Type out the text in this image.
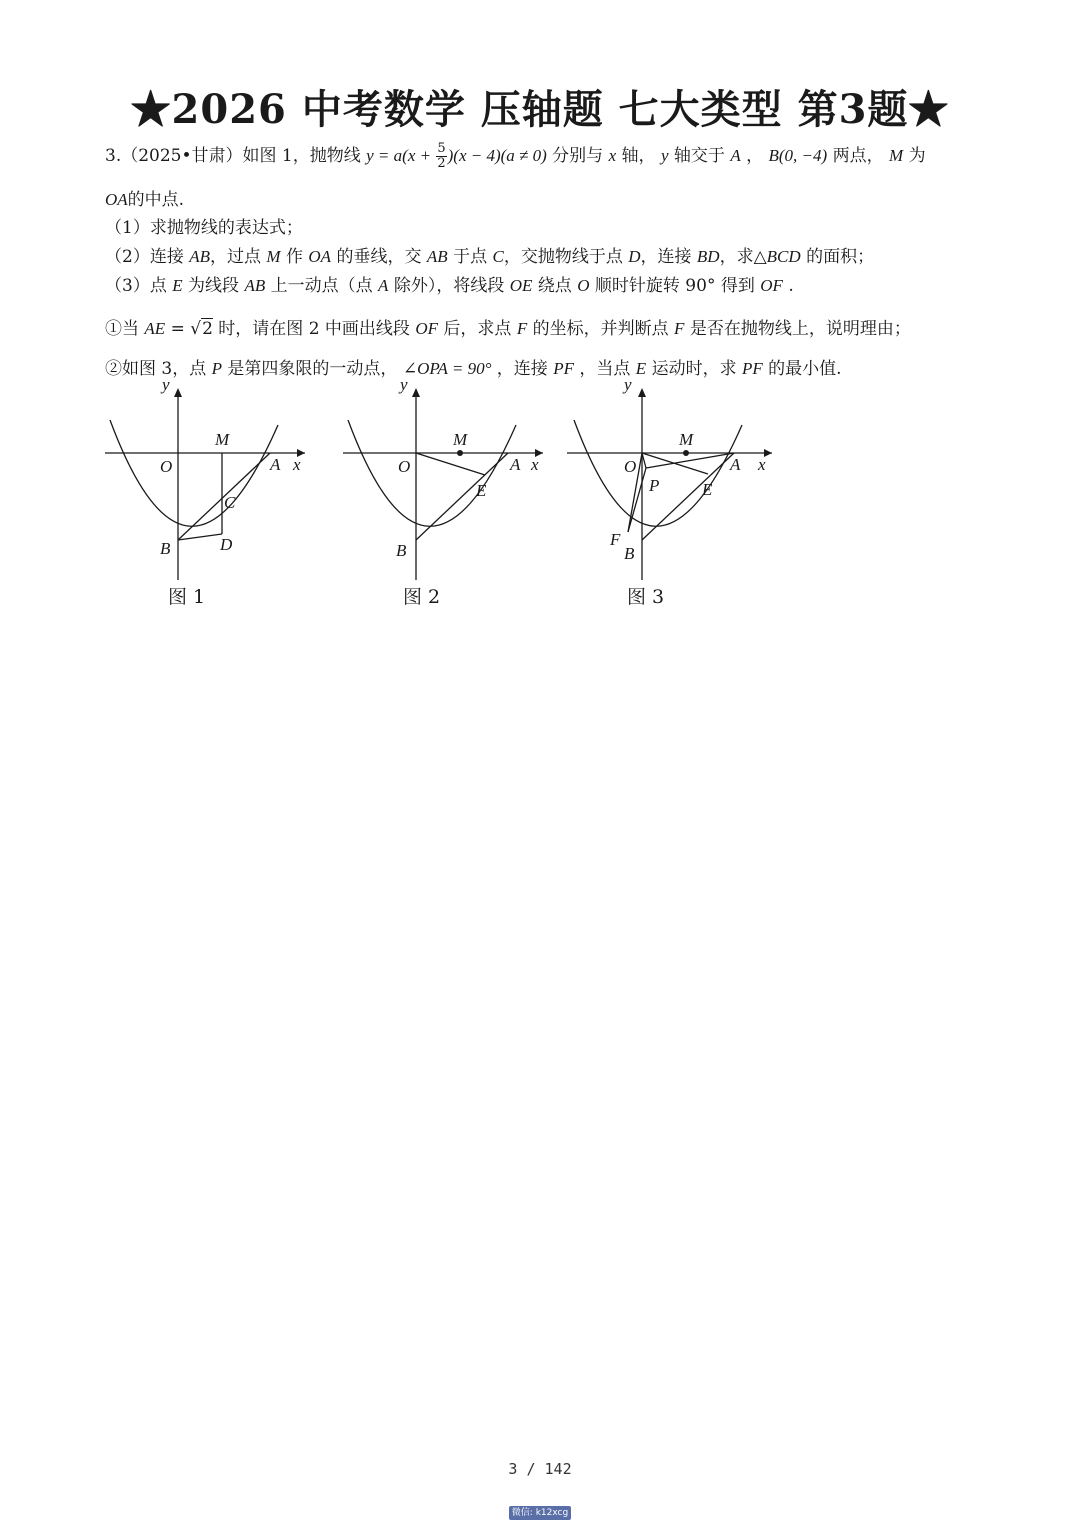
★2026 中考数学 压轴题 七大类型 第3题★
3.（2025•甘肃）如图 1，抛物线 $y = a(x + \frac{5}{2} )(x - 4)(a \ne 0)$ 分别与 x 轴， y 轴交于 A ， B(0, −4) 两点， M 为
OA的中点.
（1）求抛物线的表达式；
（2）连接 AB，过点 M 作 OA 的垂线，交 AB 于点 C，交抛物线于点 D，连接 BD，求△BCD 的面积；
（3）点 E 为线段 AB 上一动点（点 A 除外），将线段 OE 绕点 O 顺时针旋转 90° 得到 OF .
①当 AE = √2 时，请在图 2 中画出线段 OF 后，求点 F 的坐标，并判断点 F 是否在抛物线上，说明理由；
②如图 3，点 P 是第四象限的一动点， ∠OPA = 90° ，连接 PF ，当点 E 运动时，求 PF 的最小值.
y
x
O
M
A
B
C
D
y
x
O
M
A
B
E
y
x
O
M
A
B
E
P
F
图 1	图 2	图 3
3 / 142
微信: k12xcg
